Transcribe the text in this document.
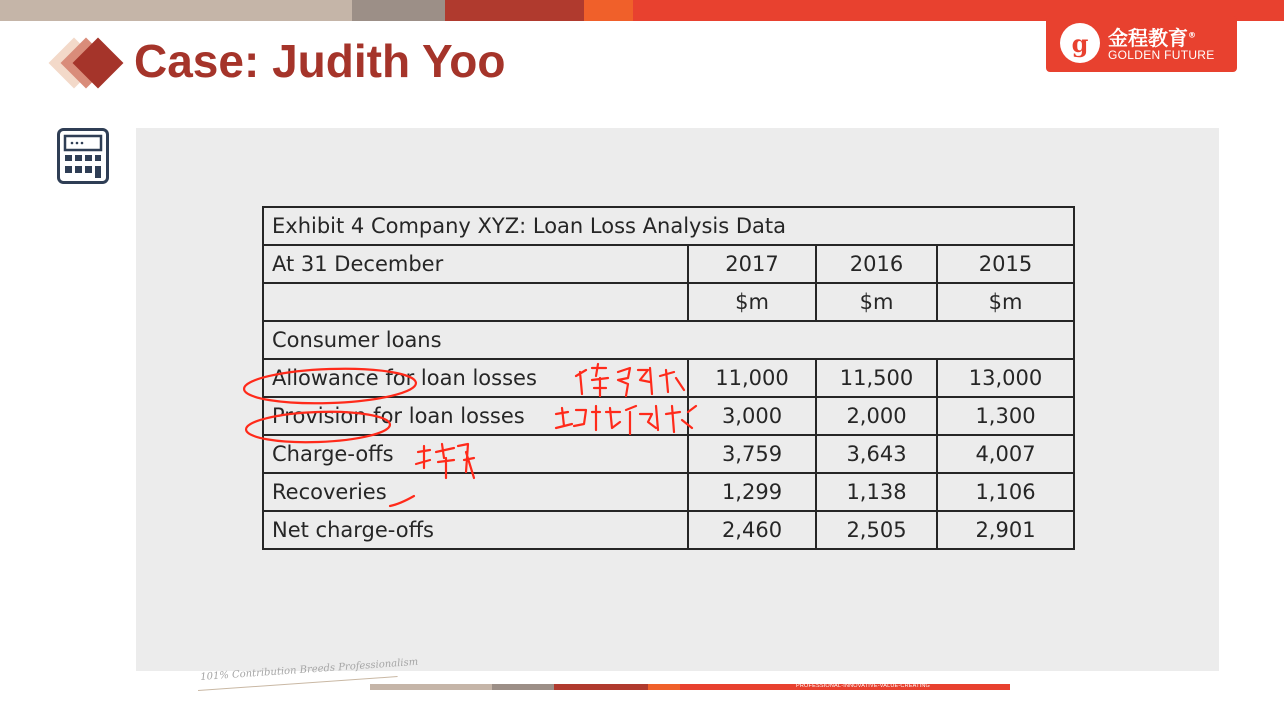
g 金程教育®
GOLDEN FUTURE
Case: Judith Yoo
Exhibit 4 Company XYZ: Loan Loss Analysis Data			
At 31 December	2017	2016	2015
	$m	$m	$m
Consumer loans			
Allowance for loan losses	11,000	11,500	13,000
Provision for loan losses	3,000	2,000	1,300
Charge-offs	3,759	3,643	4,007
Recoveries	1,299	1,138	1,106
Net charge-offs	2,460	2,505	2,901
101% Contribution Breeds Professionalism
PROFESSIONAL-INNOVATIVE-VALUE-CREATING
